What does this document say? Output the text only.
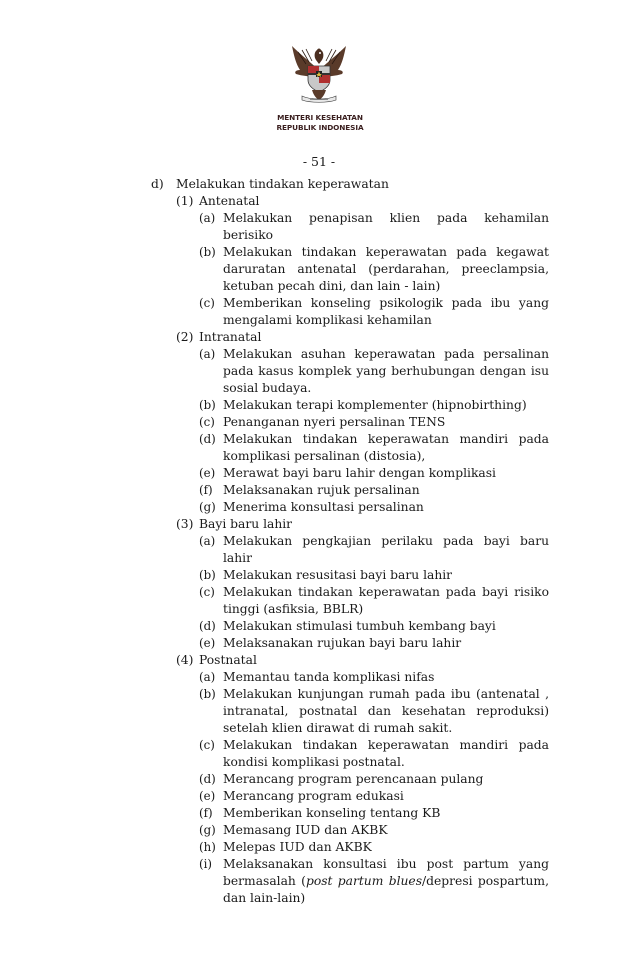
MENTERI KESEHATAN
REPUBLIK INDONESIA
- 51 -
d) Melakukan tindakan keperawatan
(1) Antenatal
(a) Melakukan penapisan klien pada kehamilan berisiko
(b) Melakukan tindakan keperawatan pada kegawat daruratan antenatal (perdarahan, preeclampsia, ketuban pecah dini, dan lain - lain)
(c) Memberikan konseling psikologik pada ibu yang mengalami komplikasi kehamilan
(2) Intranatal
(a) Melakukan asuhan keperawatan pada persalinan pada kasus komplek yang berhubungan dengan isu sosial budaya.
(b) Melakukan terapi komplementer (hipnobirthing)
(c) Penanganan nyeri persalinan TENS
(d) Melakukan tindakan keperawatan mandiri pada komplikasi persalinan (distosia),
(e) Merawat bayi baru lahir dengan komplikasi
(f) Melaksanakan rujuk persalinan
(g) Menerima konsultasi persalinan
(3) Bayi baru lahir
(a) Melakukan pengkajian perilaku pada bayi baru lahir
(b) Melakukan resusitasi bayi baru lahir
(c) Melakukan tindakan keperawatan pada bayi risiko tinggi (asfiksia, BBLR)
(d) Melakukan stimulasi tumbuh kembang bayi
(e) Melaksanakan rujukan bayi baru lahir
(4) Postnatal
(a) Memantau tanda komplikasi nifas
(b) Melakukan kunjungan rumah pada ibu (antenatal , intranatal, postnatal dan kesehatan reproduksi) setelah klien dirawat di rumah sakit.
(c) Melakukan tindakan keperawatan mandiri pada kondisi komplikasi postnatal.
(d) Merancang program perencanaan pulang
(e) Merancang program edukasi
(f) Memberikan konseling tentang KB
(g) Memasang IUD dan AKBK
(h) Melepas IUD dan AKBK
(i) Melaksanakan konsultasi ibu post partum yang bermasalah (post partum blues/depresi pospartum, dan lain-lain)
